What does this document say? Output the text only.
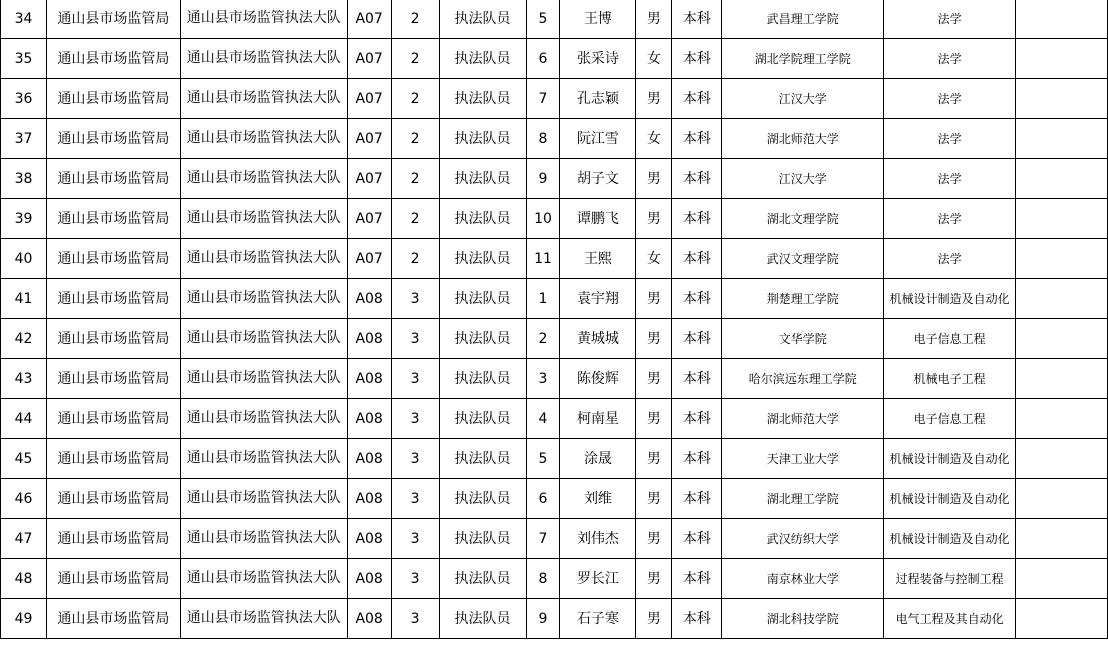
34	通山县市场监管局	通山县市场监管执法大队	A07	2	执法队员	5	王博	男	本科	武昌理工学院	法学	
35	通山县市场监管局	通山县市场监管执法大队	A07	2	执法队员	6	张采诗	女	本科	湖北学院理工学院	法学	
36	通山县市场监管局	通山县市场监管执法大队	A07	2	执法队员	7	孔志颖	男	本科	江汉大学	法学	
37	通山县市场监管局	通山县市场监管执法大队	A07	2	执法队员	8	阮江雪	女	本科	湖北师范大学	法学	
38	通山县市场监管局	通山县市场监管执法大队	A07	2	执法队员	9	胡子文	男	本科	江汉大学	法学	
39	通山县市场监管局	通山县市场监管执法大队	A07	2	执法队员	10	谭鹏飞	男	本科	湖北文理学院	法学	
40	通山县市场监管局	通山县市场监管执法大队	A07	2	执法队员	11	王熙	女	本科	武汉文理学院	法学	
41	通山县市场监管局	通山县市场监管执法大队	A08	3	执法队员	1	袁宇翔	男	本科	荆楚理工学院	机械设计制造及自动化	
42	通山县市场监管局	通山县市场监管执法大队	A08	3	执法队员	2	黄城城	男	本科	文华学院	电子信息工程	
43	通山县市场监管局	通山县市场监管执法大队	A08	3	执法队员	3	陈俊辉	男	本科	哈尔滨远东理工学院	机械电子工程	
44	通山县市场监管局	通山县市场监管执法大队	A08	3	执法队员	4	柯南星	男	本科	湖北师范大学	电子信息工程	
45	通山县市场监管局	通山县市场监管执法大队	A08	3	执法队员	5	涂晟	男	本科	天津工业大学	机械设计制造及自动化	
46	通山县市场监管局	通山县市场监管执法大队	A08	3	执法队员	6	刘维	男	本科	湖北理工学院	机械设计制造及自动化	
47	通山县市场监管局	通山县市场监管执法大队	A08	3	执法队员	7	刘伟杰	男	本科	武汉纺织大学	机械设计制造及自动化	
48	通山县市场监管局	通山县市场监管执法大队	A08	3	执法队员	8	罗长江	男	本科	南京林业大学	过程装备与控制工程	
49	通山县市场监管局	通山县市场监管执法大队	A08	3	执法队员	9	石子寒	男	本科	湖北科技学院	电气工程及其自动化	
